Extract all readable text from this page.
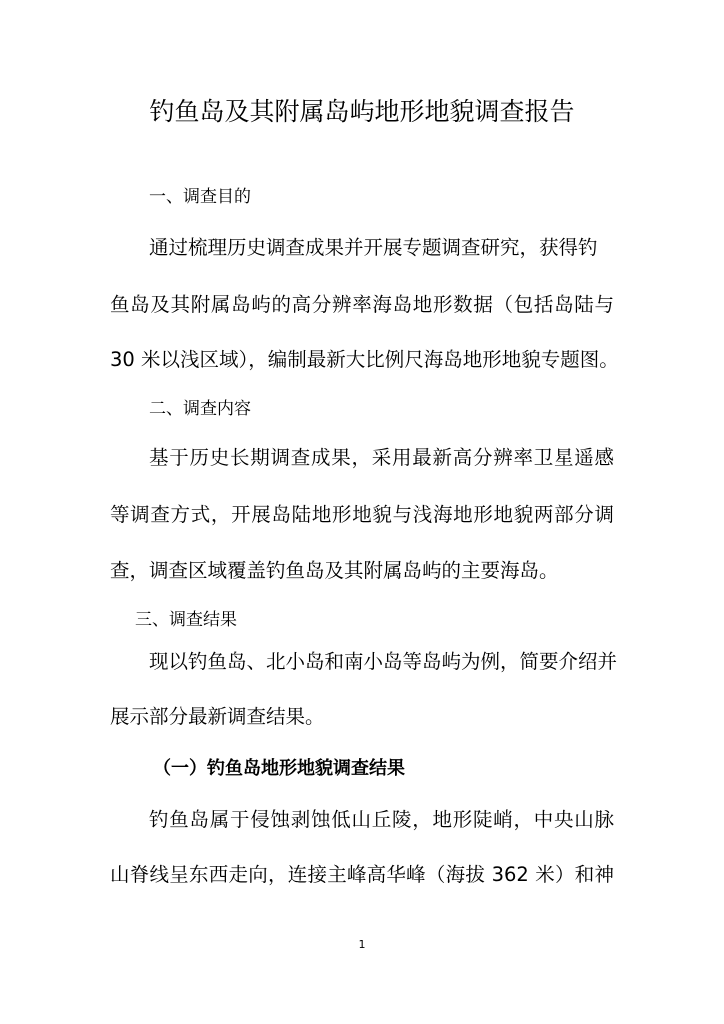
钓鱼岛及其附属岛屿地形地貌调查报告
一、调查目的
通过梳理历史调查成果并开展专题调查研究，获得钓
鱼岛及其附属岛屿的高分辨率海岛地形数据（包括岛陆与
30 米以浅区域），编制最新大比例尺海岛地形地貌专题图。
二、调查内容
基于历史长期调查成果，采用最新高分辨率卫星遥感
等调查方式，开展岛陆地形地貌与浅海地形地貌两部分调
查，调查区域覆盖钓鱼岛及其附属岛屿的主要海岛。
三、调查结果
现以钓鱼岛、北小岛和南小岛等岛屿为例，简要介绍并
展示部分最新调查结果。
（一）钓鱼岛地形地貌调查结果
钓鱼岛属于侵蚀剥蚀低山丘陵，地形陡峭，中央山脉
山脊线呈东西走向，连接主峰高华峰（海拔 362 米）和神
1
